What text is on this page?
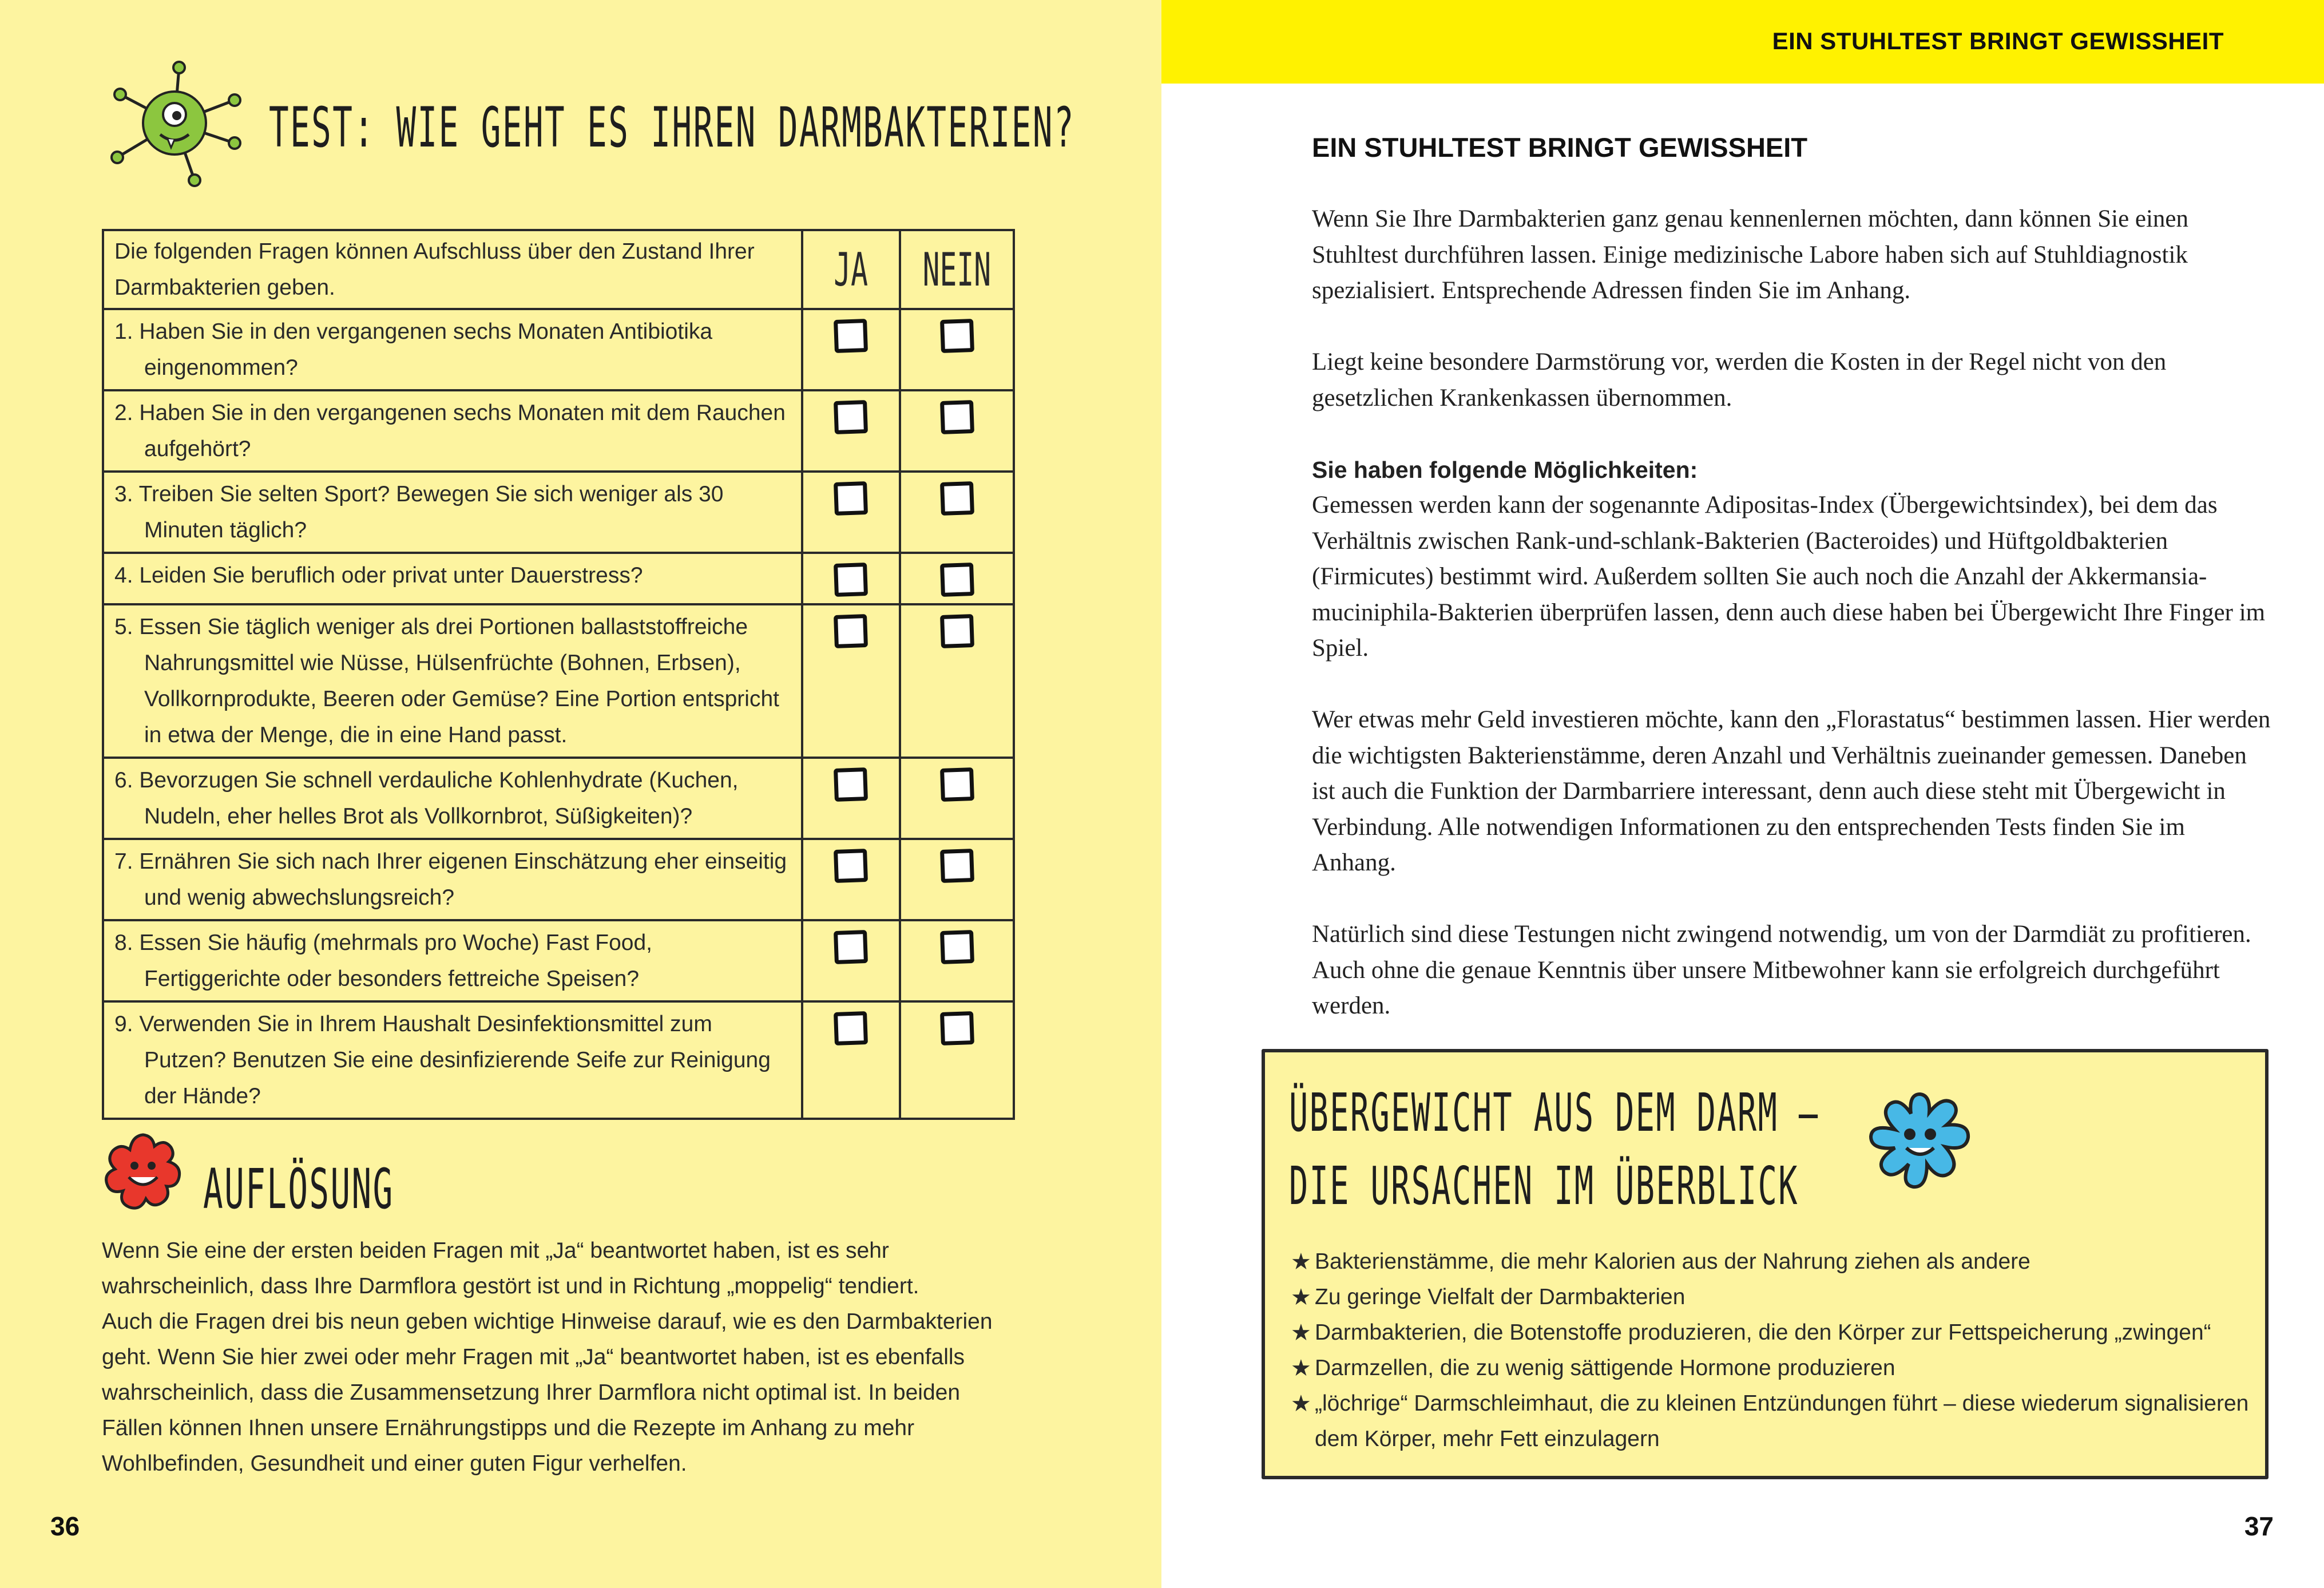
TEST: WIE GEHT ES IHREN DARMBAKTERIEN?
Die folgenden Fragen können Aufschluss über den Zustand Ihrer Darmbakterien geben.	JA	NEIN

1. Haben Sie in den vergangenen sechs Monaten Antibiotika eingenommen?		

2. Haben Sie in den vergangenen sechs Monaten mit dem Rauchen aufgehört?		

3. Treiben Sie selten Sport? Bewegen Sie sich weniger als 30 Minuten täglich?		

4. Leiden Sie beruflich oder privat unter Dauerstress?		

5. Essen Sie täglich weniger als drei Portionen ballaststoffreiche Nahrungsmittel wie Nüsse, Hülsenfrüchte (Bohnen, Erbsen), Vollkornprodukte, Beeren oder Gemüse? Eine Portion entspricht in etwa der Menge, die in eine Hand passt.		

6. Bevorzugen Sie schnell verdauliche Kohlenhydrate (Kuchen, Nudeln, eher helles Brot als Vollkornbrot, Süßigkeiten)?		

7. Ernähren Sie sich nach Ihrer eigenen Einschätzung eher einseitig und wenig abwechslungsreich?		

8. Essen Sie häufig (mehrmals pro Woche) Fast Food, Fertiggerichte oder besonders fettreiche Speisen?		

9. Verwenden Sie in Ihrem Haushalt Desinfektionsmittel zum Putzen? Benutzen Sie eine desinfizierende Seife zur Reinigung der Hände?		

AUFLÖSUNG

Wenn Sie eine der ersten beiden Fragen mit „Ja“ beantwortet haben, ist es sehr wahrscheinlich, dass Ihre Darmflora gestört ist und in Richtung „moppelig“ tendiert.

Auch die Fragen drei bis neun geben wichtige Hinweise darauf, wie es den Darmbakterien geht. Wenn Sie hier zwei oder mehr Fragen mit „Ja“ beantwortet haben, ist es ebenfalls wahrscheinlich, dass die Zusammensetzung Ihrer Darmflora nicht optimal ist. In beiden Fällen können Ihnen unsere Ernährungstipps und die Rezepte im Anhang zu mehr Wohlbefinden, Gesundheit und einer guten Figur verhelfen.

36
EIN STUHLTEST BRINGT GEWISSHEIT
EIN STUHLTEST BRINGT GEWISSHEIT

Wenn Sie Ihre Darmbakterien ganz genau kennenlernen möchten, dann können Sie einen Stuhltest durchführen lassen. Einige medizinische Labore haben sich auf Stuhldiagnostik spezialisiert. Entsprechende Adressen finden Sie im Anhang.

Liegt keine besondere Darmstörung vor, werden die Kosten in der Regel nicht von den gesetzlichen Krankenkassen übernommen.

Sie haben folgende Möglichkeiten:

Gemessen werden kann der sogenannte Adipositas-Index (Übergewichtsindex), bei dem das Verhältnis zwischen Rank-und-schlank-Bakterien (Bacteroides) und Hüftgoldbakterien (Firmicutes) bestimmt wird. Außerdem sollten Sie auch noch die Anzahl der Akkermansia-muciniphila-Bakterien überprüfen lassen, denn auch diese haben bei Übergewicht Ihre Finger im Spiel.

Wer etwas mehr Geld investieren möchte, kann den „Florastatus“ bestimmen lassen. Hier werden die wichtigsten Bakterienstämme, deren Anzahl und Verhältnis zueinander gemessen. Daneben ist auch die Funktion der Darmbarriere interessant, denn auch diese steht mit Übergewicht in Verbindung. Alle notwendigen Informationen zu den entsprechenden Tests finden Sie im Anhang.

Natürlich sind diese Testungen nicht zwingend notwendig, um von der Darmdiät zu profitieren. Auch ohne die genaue Kenntnis über unsere Mitbewohner kann sie erfolgreich durchgeführt werden.

37
ÜBERGEWICHT AUS DEM DARM –
DIE URSACHEN IM ÜBERBLICK
★ Bakterienstämme, die mehr Kalorien aus der Nahrung ziehen als andere
★ Zu geringe Vielfalt der Darmbakterien
★ Darmbakterien, die Botenstoffe produzieren, die den Körper zur Fettspeicherung „zwingen“
★ Darmzellen, die zu wenig sättigende Hormone produzieren
★ „löchrige“ Darmschleimhaut, die zu kleinen Entzündungen führt – diese wiederum signalisieren dem Körper, mehr Fett einzulagern
